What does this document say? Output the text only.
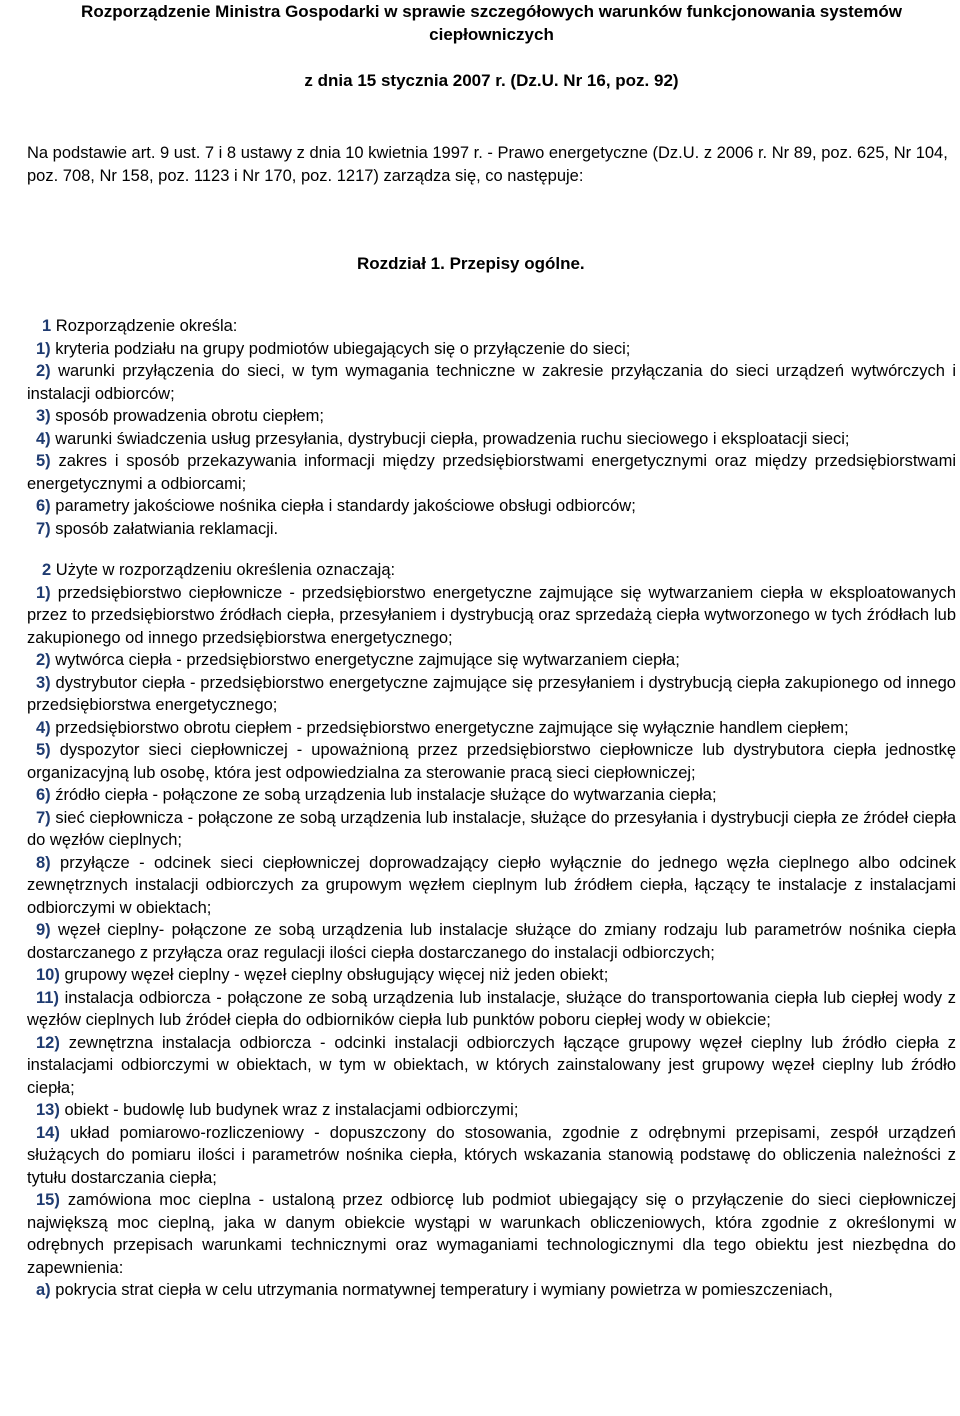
Rozporządzenie Ministra Gospodarki w sprawie szczegółowych warunków funkcjonowania systemów ciepłowniczych

z dnia 15 stycznia 2007 r. (Dz.U. Nr 16, poz. 92)

Na podstawie art. 9 ust. 7 i 8 ustawy z dnia 10 kwietnia 1997 r. - Prawo energetyczne (Dz.U. z 2006 r. Nr 89, poz. 625, Nr 104, poz. 708, Nr 158, poz. 1123 i Nr 170, poz. 1217) zarządza się, co następuje:

Rozdział 1. Przepisy ogólne.

1 Rozporządzenie określa:

1) kryteria podziału na grupy podmiotów ubiegających się o przyłączenie do sieci;

2) warunki przyłączenia do sieci, w tym wymagania techniczne w zakresie przyłączania do sieci urządzeń wytwórczych i instalacji odbiorców;

3) sposób prowadzenia obrotu ciepłem;

4) warunki świadczenia usług przesyłania, dystrybucji ciepła, prowadzenia ruchu sieciowego i eksploatacji sieci;

5) zakres i sposób przekazywania informacji między przedsiębiorstwami energetycznymi oraz między przedsiębiorstwami energetycznymi a odbiorcami;

6) parametry jakościowe nośnika ciepła i standardy jakościowe obsługi odbiorców;

7) sposób załatwiania reklamacji.

2 Użyte w rozporządzeniu określenia oznaczają:

1) przedsiębiorstwo ciepłownicze - przedsiębiorstwo energetyczne zajmujące się wytwarzaniem ciepła w eksploatowanych przez to przedsiębiorstwo źródłach ciepła, przesyłaniem i dystrybucją oraz sprzedażą ciepła wytworzonego w tych źródłach lub zakupionego od innego przedsiębiorstwa energetycznego;

2) wytwórca ciepła - przedsiębiorstwo energetyczne zajmujące się wytwarzaniem ciepła;

3) dystrybutor ciepła - przedsiębiorstwo energetyczne zajmujące się przesyłaniem i dystrybucją ciepła zakupionego od innego przedsiębiorstwa energetycznego;

4) przedsiębiorstwo obrotu ciepłem - przedsiębiorstwo energetyczne zajmujące się wyłącznie handlem ciepłem;

5) dyspozytor sieci ciepłowniczej - upoważnioną przez przedsiębiorstwo ciepłownicze lub dystrybutora ciepła jednostkę organizacyjną lub osobę, która jest odpowiedzialna za sterowanie pracą sieci ciepłowniczej;

6) źródło ciepła - połączone ze sobą urządzenia lub instalacje służące do wytwarzania ciepła;

7) sieć ciepłownicza - połączone ze sobą urządzenia lub instalacje, służące do przesyłania i dystrybucji ciepła ze źródeł ciepła do węzłów cieplnych;

8) przyłącze - odcinek sieci ciepłowniczej doprowadzający ciepło wyłącznie do jednego węzła cieplnego albo odcinek zewnętrznych instalacji odbiorczych za grupowym węzłem cieplnym lub źródłem ciepła, łączący te instalacje z instalacjami odbiorczymi w obiektach;

9) węzeł cieplny- połączone ze sobą urządzenia lub instalacje służące do zmiany rodzaju lub parametrów nośnika ciepła dostarczanego z przyłącza oraz regulacji ilości ciepła dostarczanego do instalacji odbiorczych;

10) grupowy węzeł cieplny - węzeł cieplny obsługujący więcej niż jeden obiekt;

11) instalacja odbiorcza - połączone ze sobą urządzenia lub instalacje, służące do transportowania ciepła lub ciepłej wody z węzłów cieplnych lub źródeł ciepła do odbiorników ciepła lub punktów poboru ciepłej wody w obiekcie;

12) zewnętrzna instalacja odbiorcza - odcinki instalacji odbiorczych łączące grupowy węzeł cieplny lub źródło ciepła z instalacjami odbiorczymi w obiektach, w tym w obiektach, w których zainstalowany jest grupowy węzeł cieplny lub źródło ciepła;

13) obiekt - budowlę lub budynek wraz z instalacjami odbiorczymi;

14) układ pomiarowo-rozliczeniowy - dopuszczony do stosowania, zgodnie z odrębnymi przepisami, zespół urządzeń służących do pomiaru ilości i parametrów nośnika ciepła, których wskazania stanowią podstawę do obliczenia należności z tytułu dostarczania ciepła;

15) zamówiona moc cieplna - ustaloną przez odbiorcę lub podmiot ubiegający się o przyłączenie do sieci ciepłowniczej największą moc cieplną, jaka w danym obiekcie wystąpi w warunkach obliczeniowych, która zgodnie z określonymi w odrębnych przepisach warunkami technicznymi oraz wymaganiami technologicznymi dla tego obiektu jest niezbędna do zapewnienia:

a) pokrycia strat ciepła w celu utrzymania normatywnej temperatury i wymiany powietrza w pomieszczeniach,
